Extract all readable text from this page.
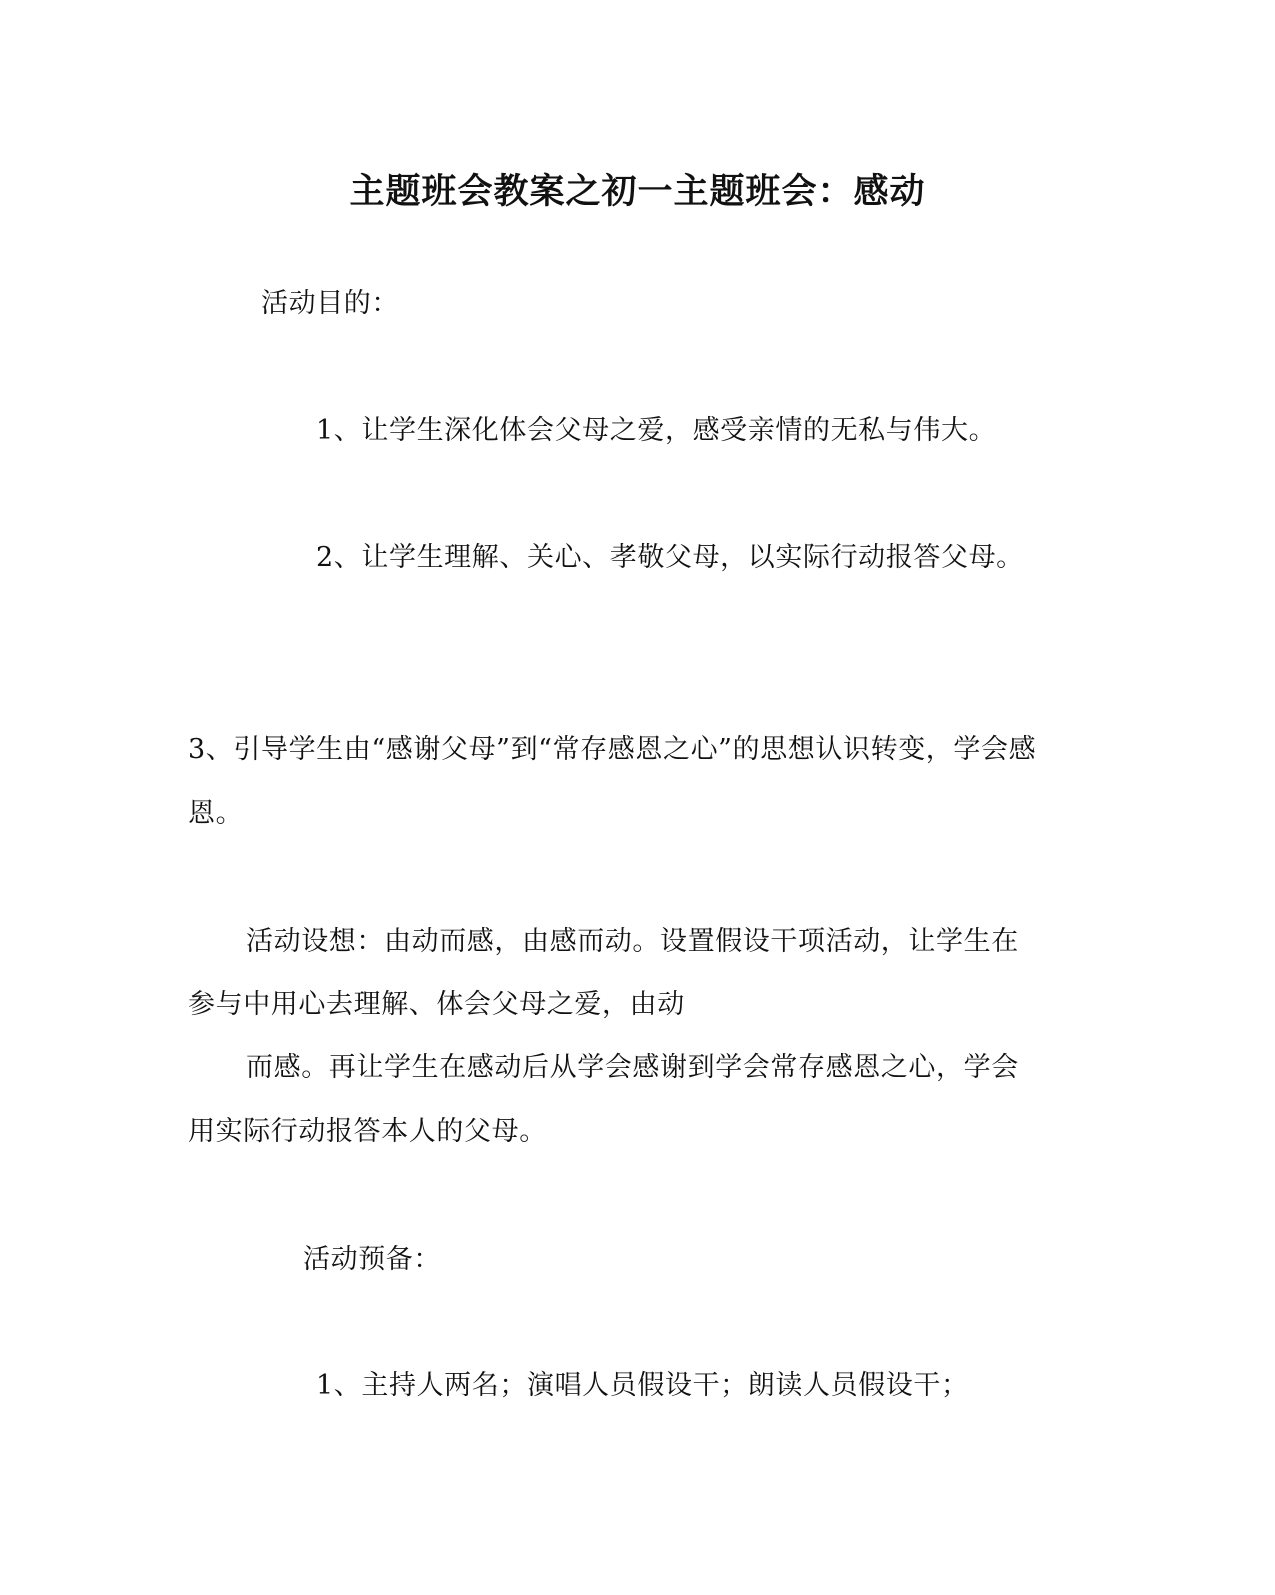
主题班会教案之初一主题班会：感动
活动目的：
1、让学生深化体会父母之爱，感受亲情的无私与伟大。
2、让学生理解、关心、孝敬父母，以实际行动报答父母。
3、引导学生由“感谢父母”到“常存感恩之心”的思想认识转变，学会感
恩。
活动设想：由动而感，由感而动。设置假设干项活动，让学生在
参与中用心去理解、体会父母之爱，由动
而感。再让学生在感动后从学会感谢到学会常存感恩之心，学会
用实际行动报答本人的父母。
活动预备：
1、主持人两名；演唱人员假设干；朗读人员假设干；
